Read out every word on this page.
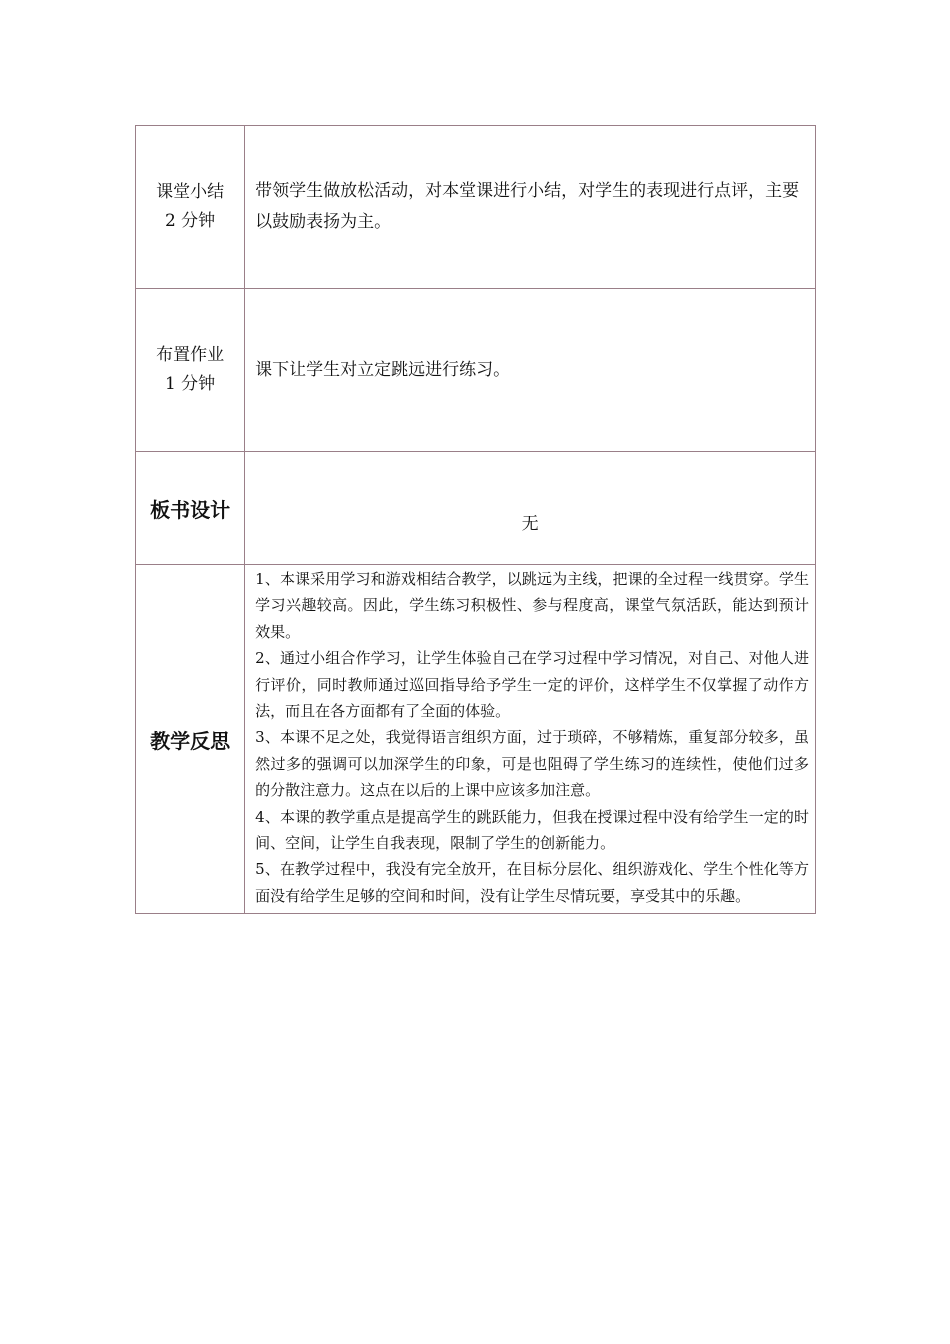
课堂小结
2 分钟	带领学生做放松活动，对本堂课进行小结，对学生的表现进行点评，主要以鼓励表扬为主。

布置作业
1 分钟	课下让学生对立定跳远进行练习。
板书设计	无
教学反思	1、本课采用学习和游戏相结合教学，以跳远为主线，把课的全过程一线贯穿。学生学习兴趣较高。因此，学生练习积极性、参与程度高，课堂气氛活跃，能达到预计效果。
2、通过小组合作学习，让学生体验自己在学习过程中学习情况，对自己、对他人进行评价，同时教师通过巡回指导给予学生一定的评价，这样学生不仅掌握了动作方法，而且在各方面都有了全面的体验。
3、本课不足之处，我觉得语言组织方面，过于琐碎，不够精炼，重复部分较多，虽然过多的强调可以加深学生的印象，可是也阻碍了学生练习的连续性，使他们过多的分散注意力。这点在以后的上课中应该多加注意。
4、本课的教学重点是提高学生的跳跃能力，但我在授课过程中没有给学生一定的时间、空间，让学生自我表现，限制了学生的创新能力。
5、在教学过程中，我没有完全放开，在目标分层化、组织游戏化、学生个性化等方面没有给学生足够的空间和时间，没有让学生尽情玩要，享受其中的乐趣。
